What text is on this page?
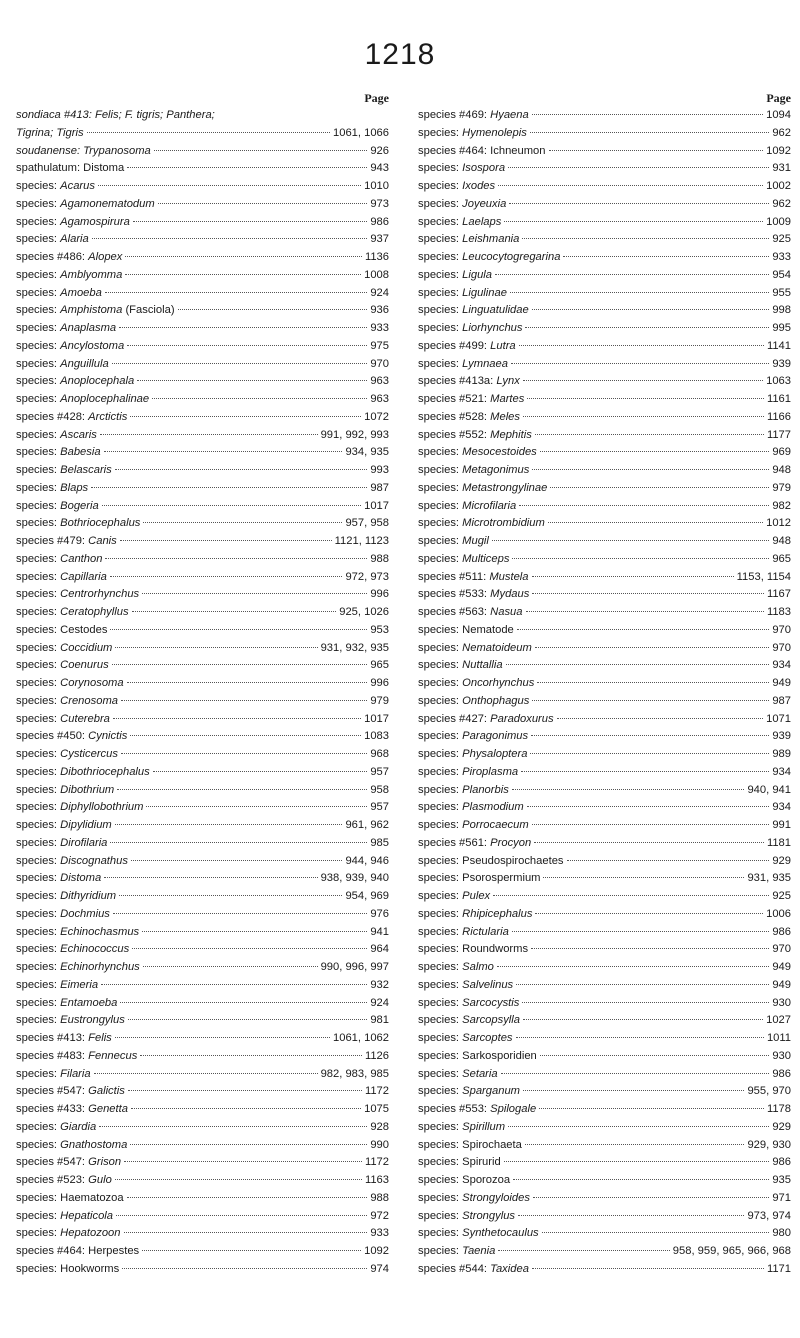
1218
Page
sondiaca #413: Felis; F. tigris; Panthera;
Tigrina; Tigris	1061, 1066
soudanense: Trypanosoma	926
spathulatum: Distoma	943
species: Acarus	1010
species: Agamonematodum	973
species: Agamospirura	986
species: Alaria	937
species #486: Alopex	1136
species: Amblyomma	1008
species: Amoeba	924
species: Amphistoma (Fasciola)	936
species: Anaplasma	933
species: Ancylostoma	975
species: Anguillula	970
species: Anoplocephala	963
species: Anoplocephalinae	963
species #428: Arctictis	1072
species: Ascaris	991, 992, 993
species: Babesia	934, 935
species: Belascaris	993
species: Blaps	987
species: Bogeria	1017
species: Bothriocephalus	957, 958
species #479: Canis	1121, 1123
species: Canthon	988
species: Capillaria	972, 973
species: Centrorhynchus	996
species: Ceratophyllus	925, 1026
species: Cestodes	953
species: Coccidium	931, 932, 935
species: Coenurus	965
species: Corynosoma	996
species: Crenosoma	979
species: Cuterebra	1017
species #450: Cynictis	1083
species: Cysticercus	968
species: Dibothriocephalus	957
species: Dibothrium	958
species: Diphyllobothrium	957
species: Dipylidium	961, 962
species: Dirofilaria	985
species: Discognathus	944, 946
species: Distoma	938, 939, 940
species: Dithyridium	954, 969
species: Dochmius	976
species: Echinochasmus	941
species: Echinococcus	964
species: Echinorhynchus	990, 996, 997
species: Eimeria	932
species: Entamoeba	924
species: Eustrongylus	981
species #413: Felis	1061, 1062
species #483: Fennecus	1126
species: Filaria	982, 983, 985
species #547: Galictis	1172
species #433: Genetta	1075
species: Giardia	928
species: Gnathostoma	990
species #547: Grison	1172
species #523: Gulo	1163
species: Haematozoa	988
species: Hepaticola	972
species: Hepatozoon	933
species #464: Herpestes	1092
species: Hookworms	974
Page
species #469: Hyaena	1094
species: Hymenolepis	962
species #464: Ichneumon	1092
species: Isospora	931
species: Ixodes	1002
species: Joyeuxia	962
species: Laelaps	1009
species: Leishmania	925
species: Leucocytogregarina	933
species: Ligula	954
species: Ligulinae	955
species: Linguatulidae	998
species: Liorhynchus	995
species #499: Lutra	1141
species: Lymnaea	939
species #413a: Lynx	1063
species #521: Martes	1161
species #528: Meles	1166
species #552: Mephitis	1177
species: Mesocestoides	969
species: Metagonimus	948
species: Metastrongylinae	979
species: Microfilaria	982
species: Microtrombidium	1012
species: Mugil	948
species: Multiceps	965
species #511: Mustela	1153, 1154
species #533: Mydaus	1167
species #563: Nasua	1183
species: Nematode	970
species: Nematoideum	970
species: Nuttallia	934
species: Oncorhynchus	949
species: Onthophagus	987
species #427: Paradoxurus	1071
species: Paragonimus	939
species: Physaloptera	989
species: Piroplasma	934
species: Planorbis	940, 941
species: Plasmodium	934
species: Porrocaecum	991
species #561: Procyon	1181
species: Pseudospirochaetes	929
species: Psorospermium	931, 935
species: Pulex	925
species: Rhipicephalus	1006
species: Rictularia	986
species: Roundworms	970
species: Salmo	949
species: Salvelinus	949
species: Sarcocystis	930
species: Sarcopsylla	1027
species: Sarcoptes	1011
species: Sarkosporidien	930
species: Setaria	986
species: Sparganum	955, 970
species #553: Spilogale	1178
species: Spirillum	929
species: Spirochaeta	929, 930
species: Spirurid	986
species: Sporozoa	935
species: Strongyloides	971
species: Strongylus	973, 974
species: Synthetocaulus	980
species: Taenia	958, 959, 965, 966, 968
species #544: Taxidea	1171
